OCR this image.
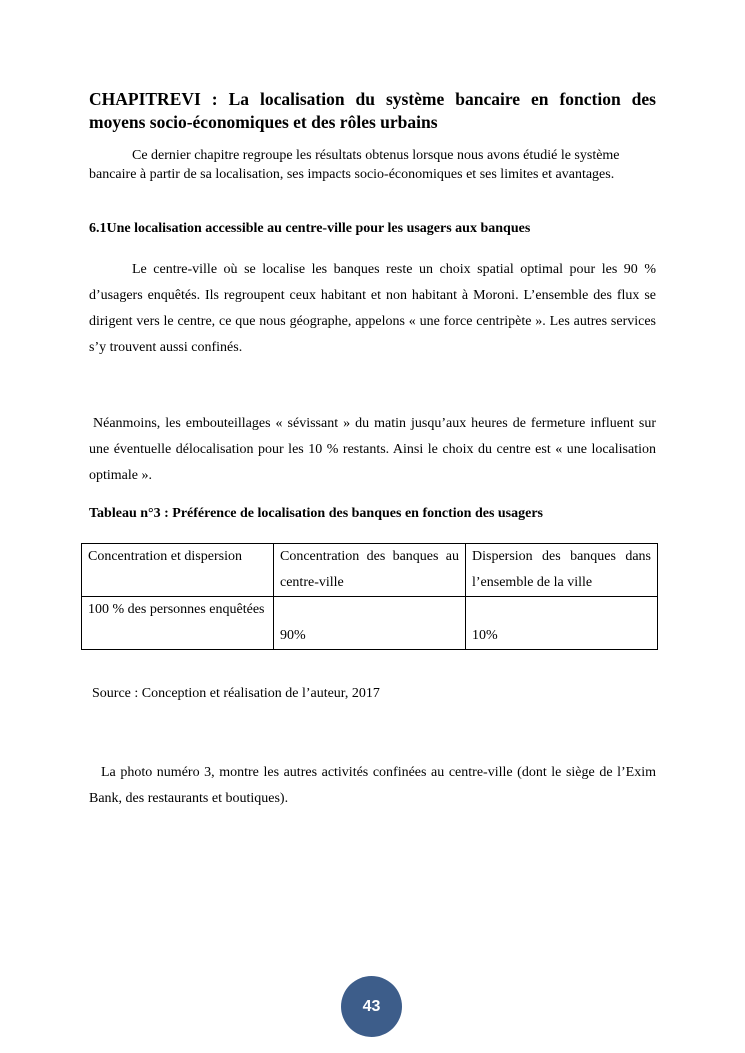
CHAPITREVI : La localisation du système bancaire en fonction des moyens socio-économiques et des rôles urbains

Ce dernier chapitre regroupe les résultats obtenus lorsque nous avons étudié le système bancaire à partir de sa localisation, ses impacts socio-économiques et ses limites et avantages.

6.1Une localisation accessible au centre-ville pour les usagers aux banques

Le centre-ville où se localise les banques reste un choix spatial optimal pour les 90 % d’usagers enquêtés. Ils regroupent ceux habitant et non habitant à Moroni. L’ensemble des flux se dirigent vers le centre, ce que nous géographe, appelons « une force centripète ». Les autres services s’y trouvent aussi confinés.

Néanmoins, les embouteillages « sévissant » du matin jusqu’aux heures de fermeture influent sur une éventuelle délocalisation pour les 10 % restants. Ainsi le choix du centre est « une localisation optimale ».

Tableau n°3 : Préférence de localisation des banques en fonction des usagers

Concentration et dispersion	Concentration des banques au centre-ville	Dispersion des banques dans l’ensemble de la ville
100 % des personnes enquêtées	90%	10%

Source : Conception et réalisation de l’auteur, 2017

La photo numéro 3, montre les autres activités confinées au centre-ville (dont le siège de l’Exim Bank, des restaurants et boutiques).

43
